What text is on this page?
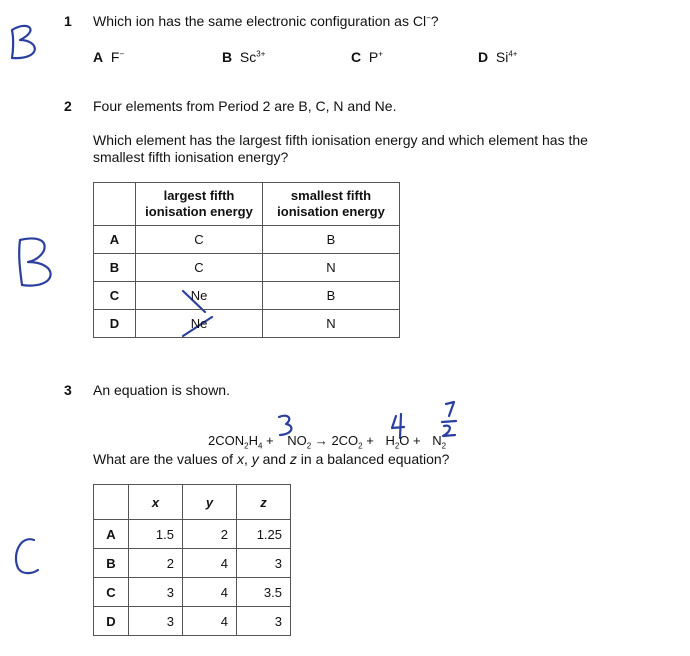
1 Which ion has the same electronic configuration as Cl−?
A F−	B $Sc^{3+}$	C P+	D $Si^{4+}$
2 Four elements from Period 2 are B, C, N and Ne.
Which element has the largest fifth ionisation energy and which element has the smallest fifth ionisation energy?
	largest fifth ionisation energy	smallest fifth ionisation energy
A	C	B
B	C	N
C	Ne	B
D	Ne	N
3 An equation is shown.

$2CON_2H_4 + NO_2 \to 2CO_2 + H_2O + N_2$

What are the values of x, y and z in a balanced equation?
	x	y	z
A	1.5	2	1.25
B	2	4	3
C	3	4	3.5
D	3	4	3
